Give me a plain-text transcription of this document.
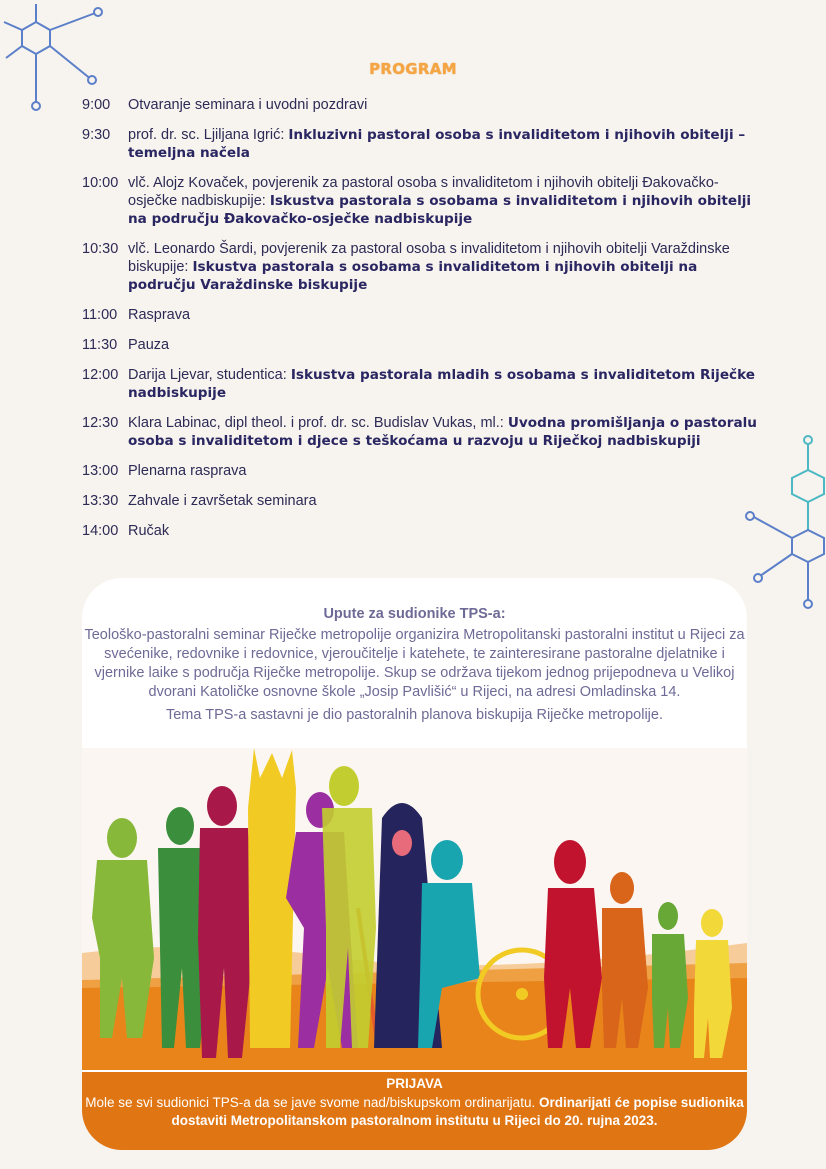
PROGRAM
9:00	Otvaranje seminara i uvodni pozdravi
9:30	prof. dr. sc. Ljiljana Igrić: Inkluzivni pastoral osoba s invaliditetom i njihovih obitelji – temeljna načela
10:00 vlč. Alojz Kovaček, povjerenik za pastoral osoba s invaliditetom i njihovih obitelji Đakovačko-osječke nadbiskupije: Iskustva pastorala s osobama s invaliditetom i njihovih obitelji na području Đakovačko-osječke nadbiskupije
10:30 vlč. Leonardo Šardi, povjerenik za pastoral osoba s invaliditetom i njihovih obitelji Varaždinske biskupije: Iskustva pastorala s osobama s invaliditetom i njihovih obitelji na području Varaždinske biskupije
11:00 Rasprava
11:30 Pauza
12:00 Darija Ljevar, studentica: Iskustva pastorala mladih s osobama s invaliditetom Riječke nadbiskupije
12:30 Klara Labinac, dipl theol. i prof. dr. sc. Budislav Vukas, ml.: Uvodna promišljanja o pastoralu osoba s invaliditetom i djece s teškoćama u razvoju u Riječkoj nadbiskupiji
13:00 Plenarna rasprava
13:30 Zahvale i završetak seminara
14:00 Ručak
Upute za sudionike TPS-a:
Teološko-pastoralni seminar Riječke metropolije organizira Metropolitanski pastoralni institut u Rijeci za svećenike, redovnike i redovnice, vjeroučitelje i katehete, te zainteresirane pastoralne djelatnike i vjernike laike s područja Riječke metropolije. Skup se održava tijekom jednog prijepodneva u Velikoj dvorani Katoličke osnovne škole „Josip Pavlišić“ u Rijeci, na adresi Omladinska 14.
Tema TPS-a sastavni je dio pastoralnih planova biskupija Riječke metropolije.
PRIJAVA
Mole se svi sudionici TPS-a da se jave svome nad/biskupskom ordinarijatu. Ordinarijati će popise sudionika dostaviti Metropolitanskom pastoralnom institutu u Rijeci do 20. rujna 2023.
